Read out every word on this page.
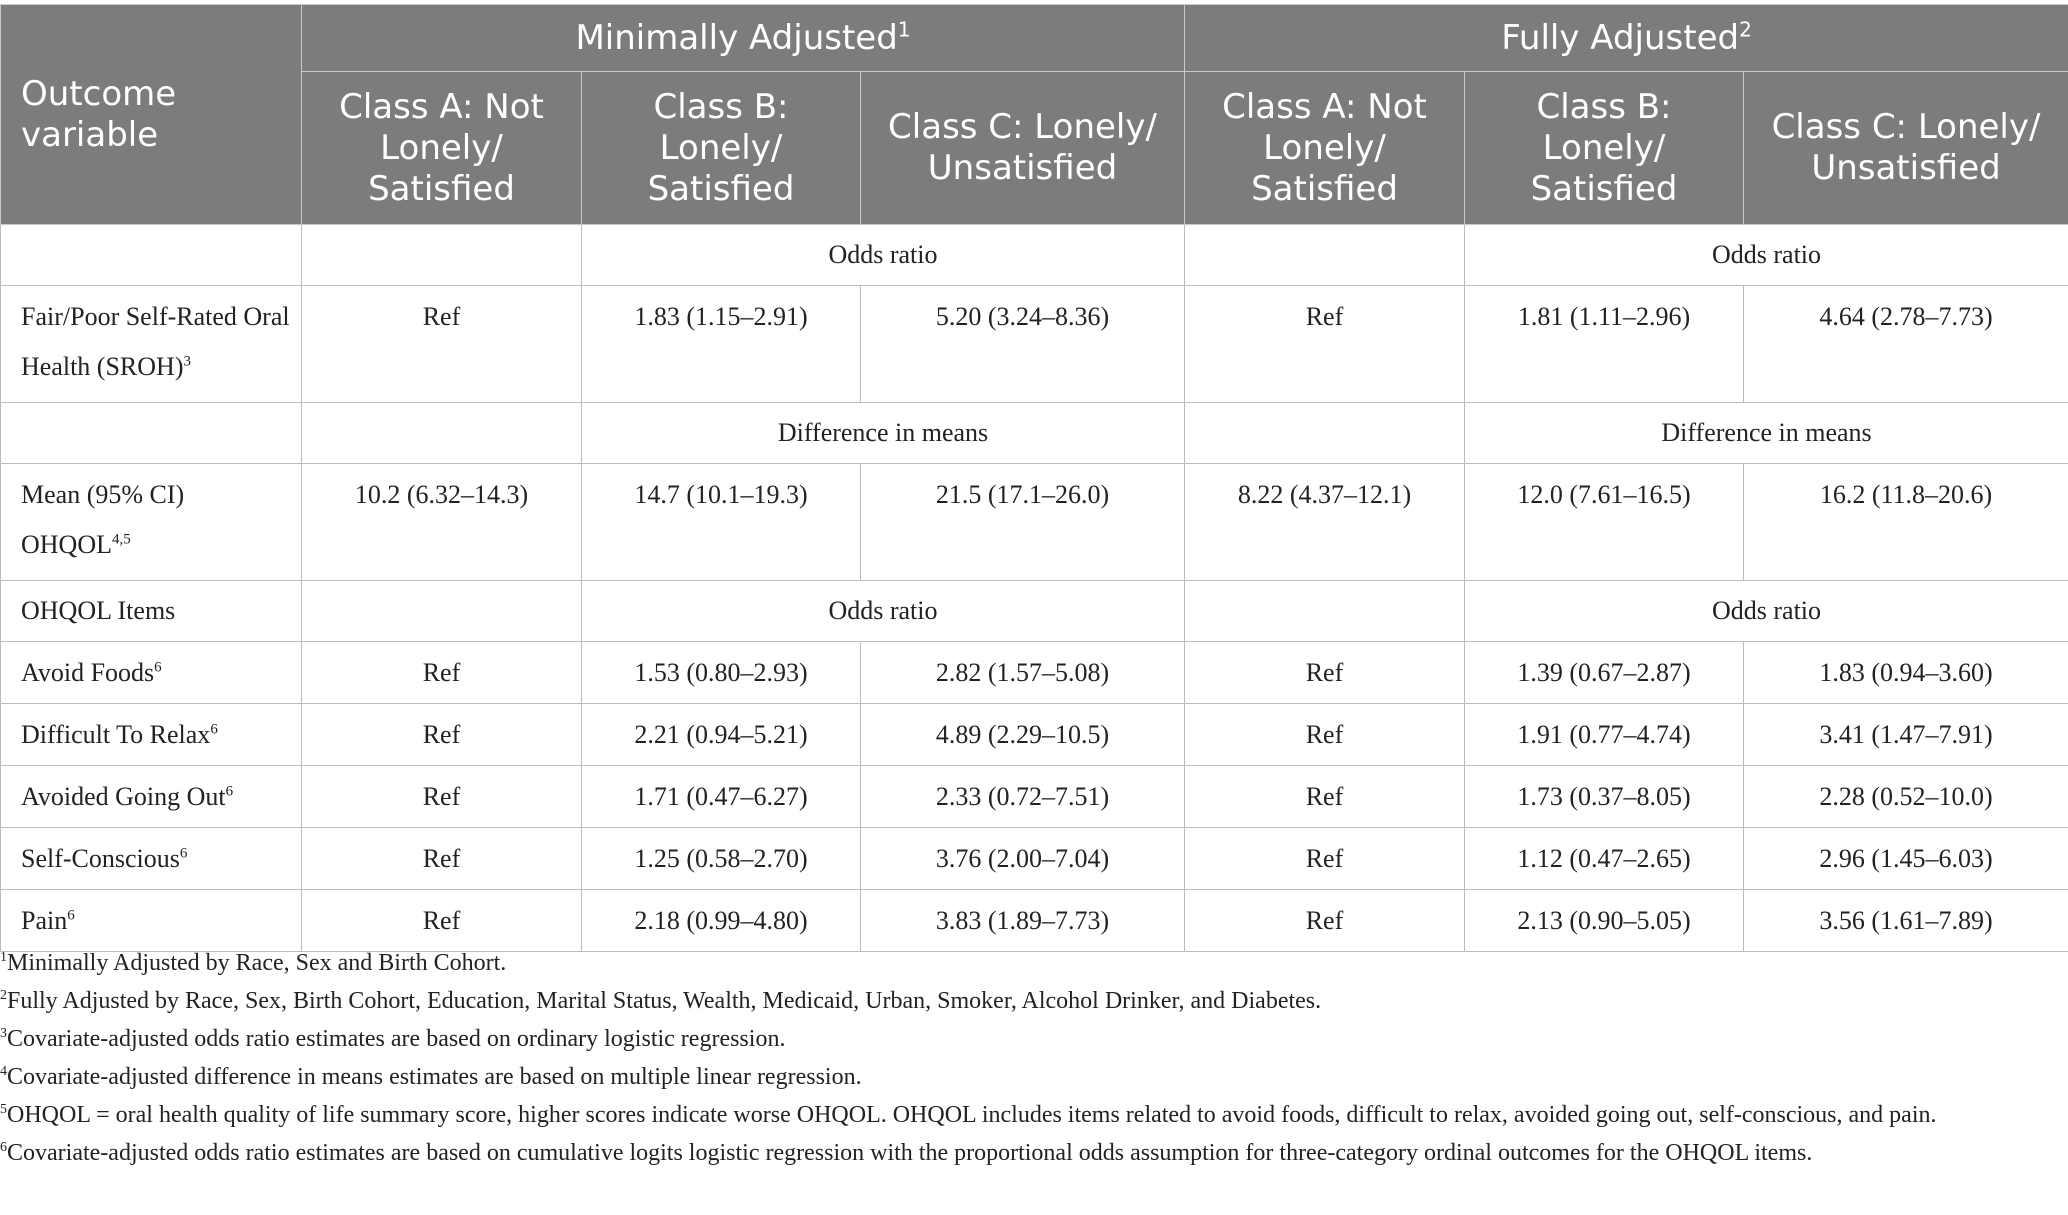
Outcome variable	Minimally Adjusted$^1$			Fully Adjusted$^2$
	Class A: Not Lonely/ Satisfied	Class B: Lonely/ Satisfied	Class C: Lonely/ Unsatisfied	Class A: Not Lonely/ Satisfied	Class B: Lonely/ Satisfied	Class C: Lonely/ Unsatisfied
		Odds ratio			Odds ratio	
Fair/Poor Self-Rated Oral Health (SROH)$^3$	Ref	1.83 (1.15–2.91)	5.20 (3.24–8.36)	Ref	1.81 (1.11–2.96)	4.64 (2.78–7.73)
		Difference in means			Difference in means	
Mean (95% CI) OHQOL$^{4,5}$	10.2 (6.32–14.3)	14.7 (10.1–19.3)	21.5 (17.1–26.0)	8.22 (4.37–12.1)	12.0 (7.61–16.5)	16.2 (11.8–20.6)
OHQOL Items		Odds ratio			Odds ratio	
Avoid Foods$^6$	Ref	1.53 (0.80–2.93)	2.82 (1.57–5.08)	Ref	1.39 (0.67–2.87)	1.83 (0.94–3.60)
Difficult To Relax$^6$	Ref	2.21 (0.94–5.21)	4.89 (2.29–10.5)	Ref	1.91 (0.77–4.74)	3.41 (1.47–7.91)
Avoided Going Out$^6$	Ref	1.71 (0.47–6.27)	2.33 (0.72–7.51)	Ref	1.73 (0.37–8.05)	2.28 (0.52–10.0)
Self-Conscious$^6$	Ref	1.25 (0.58–2.70)	3.76 (2.00–7.04)	Ref	1.12 (0.47–2.65)	2.96 (1.45–6.03)
Pain$^6$	Ref	2.18 (0.99–4.80)	3.83 (1.89–7.73)	Ref	2.13 (0.90–5.05)	3.56 (1.61–7.89)

$^1$Minimally Adjusted by Race, Sex and Birth Cohort.

$^2$Fully Adjusted by Race, Sex, Birth Cohort, Education, Marital Status, Wealth, Medicaid, Urban, Smoker, Alcohol Drinker, and Diabetes.

$^3$Covariate-adjusted odds ratio estimates are based on ordinary logistic regression.

$^4$Covariate-adjusted difference in means estimates are based on multiple linear regression.

$^5$OHQOL = oral health quality of life summary score, higher scores indicate worse OHQOL. OHQOL includes items related to avoid foods, difficult to relax, avoided going out, self-conscious, and pain.

$^6$Covariate-adjusted odds ratio estimates are based on cumulative logits logistic regression with the proportional odds assumption for three-category ordinal outcomes for the OHQOL items.
